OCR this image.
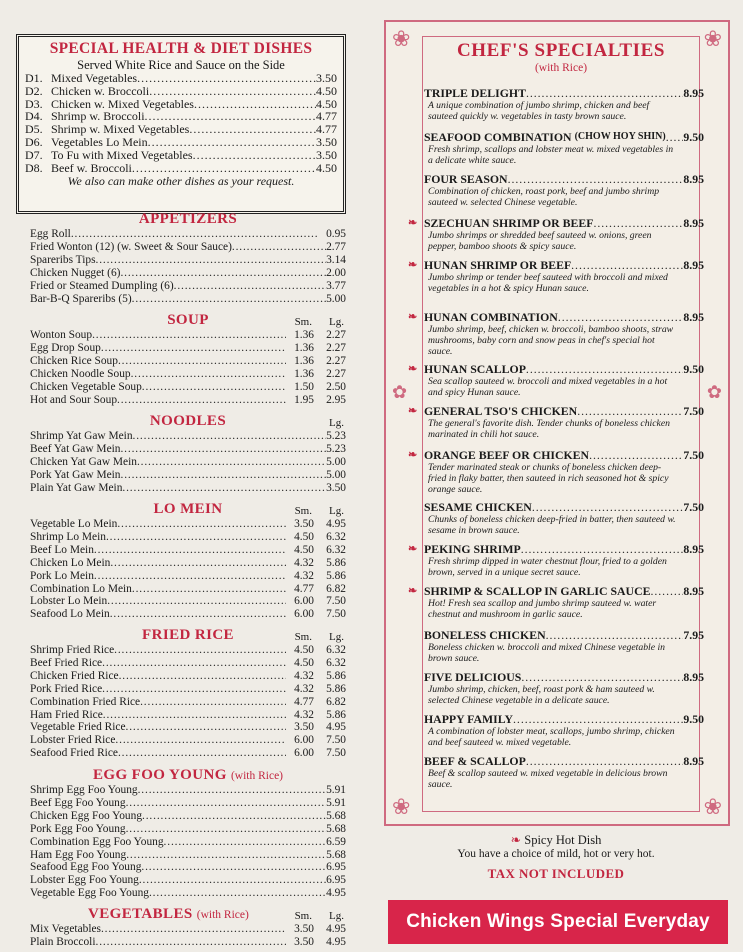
SPECIAL HEALTH & DIET DISHES
Served White Rice and Sauce on the Side
D1. Mixed Vegetables . . .	3.50
D2. Chicken w. Broccoli . . .	4.50
D3. Chicken w. Mixed Vegetables . . .	4.50
D4. Shrimp w. Broccoli . . .	4.77
D5. Shrimp w. Mixed Vegetables . . .	4.77
D6. Vegetables Lo Mein . . .	3.50
D7. To Fu with Mixed Vegetables . . .	3.50
D8. Beef w. Broccoli . . .	4.50
We also can make other dishes as your request.
APPETIZERS
Egg Roll . . .	0.95
Fried Wonton (12) (w. Sweet & Sour Sauce) . . .	2.77
Spareribs Tips . . .	3.14
Chicken Nugget (6) . . .	2.00
Fried or Steamed Dumpling (6) . . .	3.77
Bar-B-Q Spareribs (5) . . .	5.00
SOUP	Sm. Lg.
Wonton Soup . . .	1.36	2.27
Egg Drop Soup . . .	1.36	2.27
Chicken Rice Soup . . .	1.36	2.27
Chicken Noodle Soup . . .	1.36	2.27
Chicken Vegetable Soup . . .	1.50	2.50
Hot and Sour Soup . . .	1.95	2.95
NOODLES	Lg.
Shrimp Yat Gaw Mein . . .	5.23
Beef Yat Gaw Mein . . .	5.23
Chicken Yat Gaw Mein . . .	5.00
Pork Yat Gaw Mein . . .	5.00
Plain Yat Gaw Mein . . .	3.50
LO MEIN	Sm. Lg.
Vegetable Lo Mein . . .	3.50	4.95
Shrimp Lo Mein . . .	4.50	6.32
Beef Lo Mein . . .	4.50	6.32
Chicken Lo Mein . . .	4.32	5.86
Pork Lo Mein . . .	4.32	5.86
Combination Lo Mein . . .	4.77	6.82
Lobster Lo Mein . . .	6.00	7.50
Seafood Lo Mein . . .	6.00	7.50
FRIED RICE	Sm. Lg.
Shrimp Fried Rice . . .	4.50	6.32
Beef Fried Rice . . .	4.50	6.32
Chicken Fried Rice . . .	4.32	5.86
Pork Fried Rice . . .	4.32	5.86
Combination Fried Rice . . .	4.77	6.82
Ham Fried Rice . . .	4.32	5.86
Vegetable Fried Rice . . .	3.50	4.95
Lobster Fried Rice . . .	6.00	7.50
Seafood Fried Rice . . .	6.00	7.50
EGG FOO YOUNG (with Rice)
Shrimp Egg Foo Young . . .	5.91
Beef Egg Foo Young . . .	5.91
Chicken Egg Foo Young . . .	5.68
Pork Egg Foo Young . . .	5.68
Combination Egg Foo Young . . .	6.59
Ham Egg Foo Young . . .	5.68
Seafood Egg Foo Young . . .	6.95
Lobster Egg Foo Young . . .	6.95
Vegetable Egg Foo Young . . .	4.95
VEGETABLES (with Rice)	Sm. Lg.
Mix Vegetables . . .	3.50	4.95
Plain Broccoli . . .	3.50	4.95
❀	❀
✿	✿
❀	❀
CHEF'S SPECIALTIES
(with Rice)
TRIPLE DELIGHT . . .	8.95
A unique combination of jumbo shrimp, chicken and beef sauteed quickly w. vegetables in tasty brown sauce.
SEAFOOD COMBINATION (CHOW HOY SHIN) . . . 9.50
Fresh shrimp, scallops and lobster meat w. mixed vegetables in a delicate white sauce.
FOUR SEASON . . .	8.95
Combination of chicken, roast pork, beef and jumbo shrimp sauteed w. selected Chinese vegetable.
❧ SZECHUAN SHRIMP OR BEEF . . .	8.95
Jumbo shrimps or shredded beef sauteed w. onions, green pepper, bamboo shoots & spicy sauce.
❧ HUNAN SHRIMP OR BEEF . . .	8.95
Jumbo shrimp or tender beef sauteed with broccoli and mixed vegetables in a hot & spicy Hunan sauce.
❧ HUNAN COMBINATION . . .	8.95
Jumbo shrimp, beef, chicken w. broccoli, bamboo shoots, straw mushrooms, baby corn and snow peas in chef's special hot sauce.
❧ HUNAN SCALLOP . . .	9.50
Sea scallop sauteed w. broccoli and mixed vegetables in a hot and spicy Hunan sauce.
❧ GENERAL TSO'S CHICKEN . . .	7.50
The general's favorite dish. Tender chunks of boneless chicken marinated in chili hot sauce.
❧ ORANGE BEEF OR CHICKEN . . .	7.50
Tender marinated steak or chunks of boneless chicken deep-fried in flaky batter, then sauteed in rich seasoned hot & spicy orange sauce.
SESAME CHICKEN . . .	7.50
Chunks of boneless chicken deep-fried in batter, then sauteed w. sesame in brown sauce.
❧ PEKING SHRIMP . . .	8.95
Fresh shrimp dipped in water chestnut flour, fried to a golden brown, served in a unique secret sauce.
❧ SHRIMP & SCALLOP IN GARLIC SAUCE . . .	8.95
Hot! Fresh sea scallop and jumbo shrimp sauteed w. water chestnut and mushroom in garlic sauce.
BONELESS CHICKEN . . .	7.95
Boneless chicken w. broccoli and mixed Chinese vegetable in brown sauce.
FIVE DELICIOUS . . .	8.95
Jumbo shrimp, chicken, beef, roast pork & ham sauteed w. selected Chinese vegetable in a delicate sauce.
HAPPY FAMILY . . .	9.50
A combination of lobster meat, scallops, jumbo shrimp, chicken and beef sauteed w. mixed vegetable.
BEEF & SCALLOP . . .	8.95
Beef & scallop sauteed w. mixed vegetable in delicious brown sauce.
❧ Spicy Hot Dish
You have a choice of mild, hot or very hot.
TAX NOT INCLUDED
Chicken Wings Special Everyday
